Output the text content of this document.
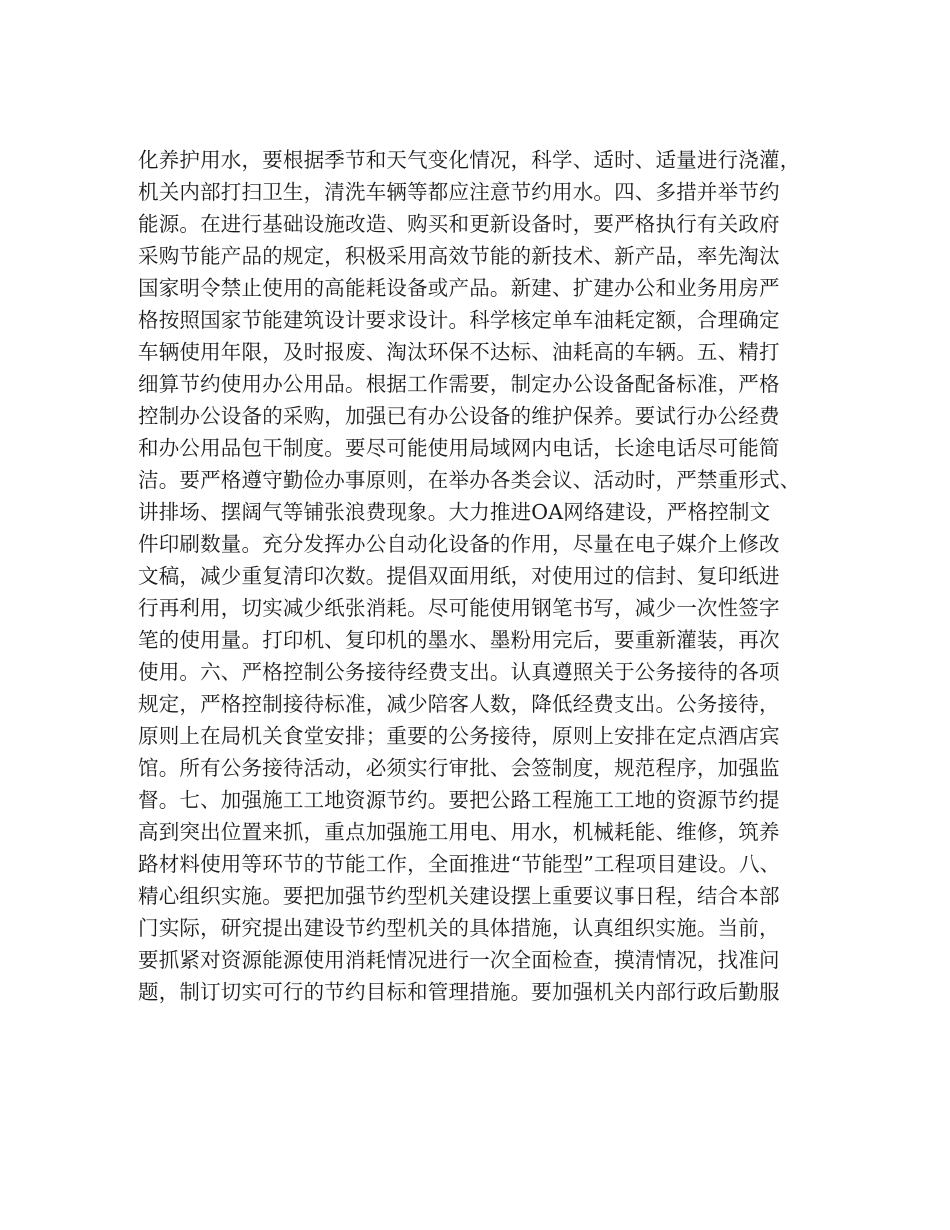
化养护用水，要根据季节和天气变化情况，科学、适时、适量进行浇灌，
机关内部打扫卫生，清洗车辆等都应注意节约用水。四、多措并举节约
能源。在进行基础设施改造、购买和更新设备时，要严格执行有关政府
采购节能产品的规定，积极采用高效节能的新技术、新产品，率先淘汰
国家明令禁止使用的高能耗设备或产品。新建、扩建办公和业务用房严
格按照国家节能建筑设计要求设计。科学核定单车油耗定额，合理确定
车辆使用年限，及时报废、淘汰环保不达标、油耗高的车辆。五、精打
细算节约使用办公用品。根据工作需要，制定办公设备配备标准，严格
控制办公设备的采购，加强已有办公设备的维护保养。要试行办公经费
和办公用品包干制度。要尽可能使用局域网内电话，长途电话尽可能简
洁。要严格遵守勤俭办事原则，在举办各类会议、活动时，严禁重形式、
讲排场、摆阔气等铺张浪费现象。大力推进OA网络建设，严格控制文
件印刷数量。充分发挥办公自动化设备的作用，尽量在电子媒介上修改
文稿，减少重复清印次数。提倡双面用纸，对使用过的信封、复印纸进
行再利用，切实减少纸张消耗。尽可能使用钢笔书写，减少一次性签字
笔的使用量。打印机、复印机的墨水、墨粉用完后，要重新灌装，再次
使用。六、严格控制公务接待经费支出。认真遵照关于公务接待的各项
规定，严格控制接待标准，减少陪客人数，降低经费支出。公务接待，
原则上在局机关食堂安排；重要的公务接待，原则上安排在定点酒店宾
馆。所有公务接待活动，必须实行审批、会签制度，规范程序，加强监
督。七、加强施工工地资源节约。要把公路工程施工工地的资源节约提
高到突出位置来抓，重点加强施工用电、用水，机械耗能、维修，筑养
路材料使用等环节的节能工作，全面推进“节能型”工程项目建设。八、
精心组织实施。要把加强节约型机关建设摆上重要议事日程，结合本部
门实际，研究提出建设节约型机关的具体措施，认真组织实施。当前，
要抓紧对资源能源使用消耗情况进行一次全面检查，摸清情况，找准问
题，制订切实可行的节约目标和管理措施。要加强机关内部行政后勤服
